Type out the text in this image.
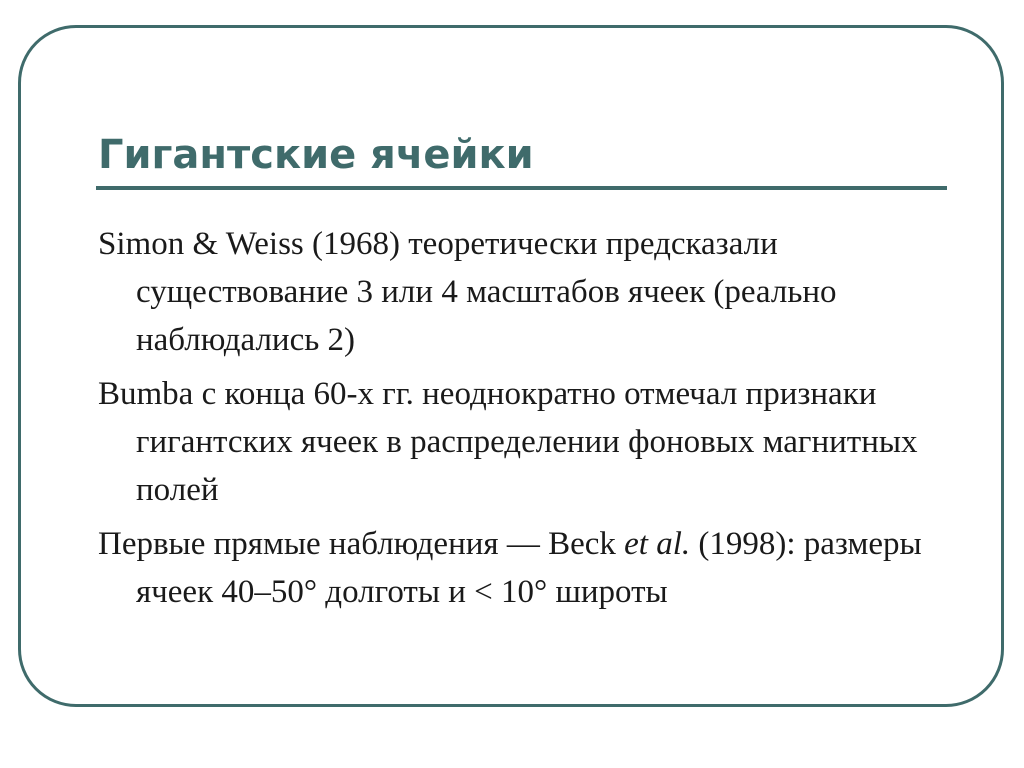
Гигантские ячейки
Simon & Weiss (1968) теоретически предсказали существование 3 или 4 масштабов ячеек (реально наблюдались 2)
Bumba с конца 60-х гг. неоднократно отмечал признаки гигантских ячеек в распределении фоновых магнитных полей
Первые прямые наблюдения — Beck et al. (1998): размеры ячеек 40–50° долготы и < 10° широты
